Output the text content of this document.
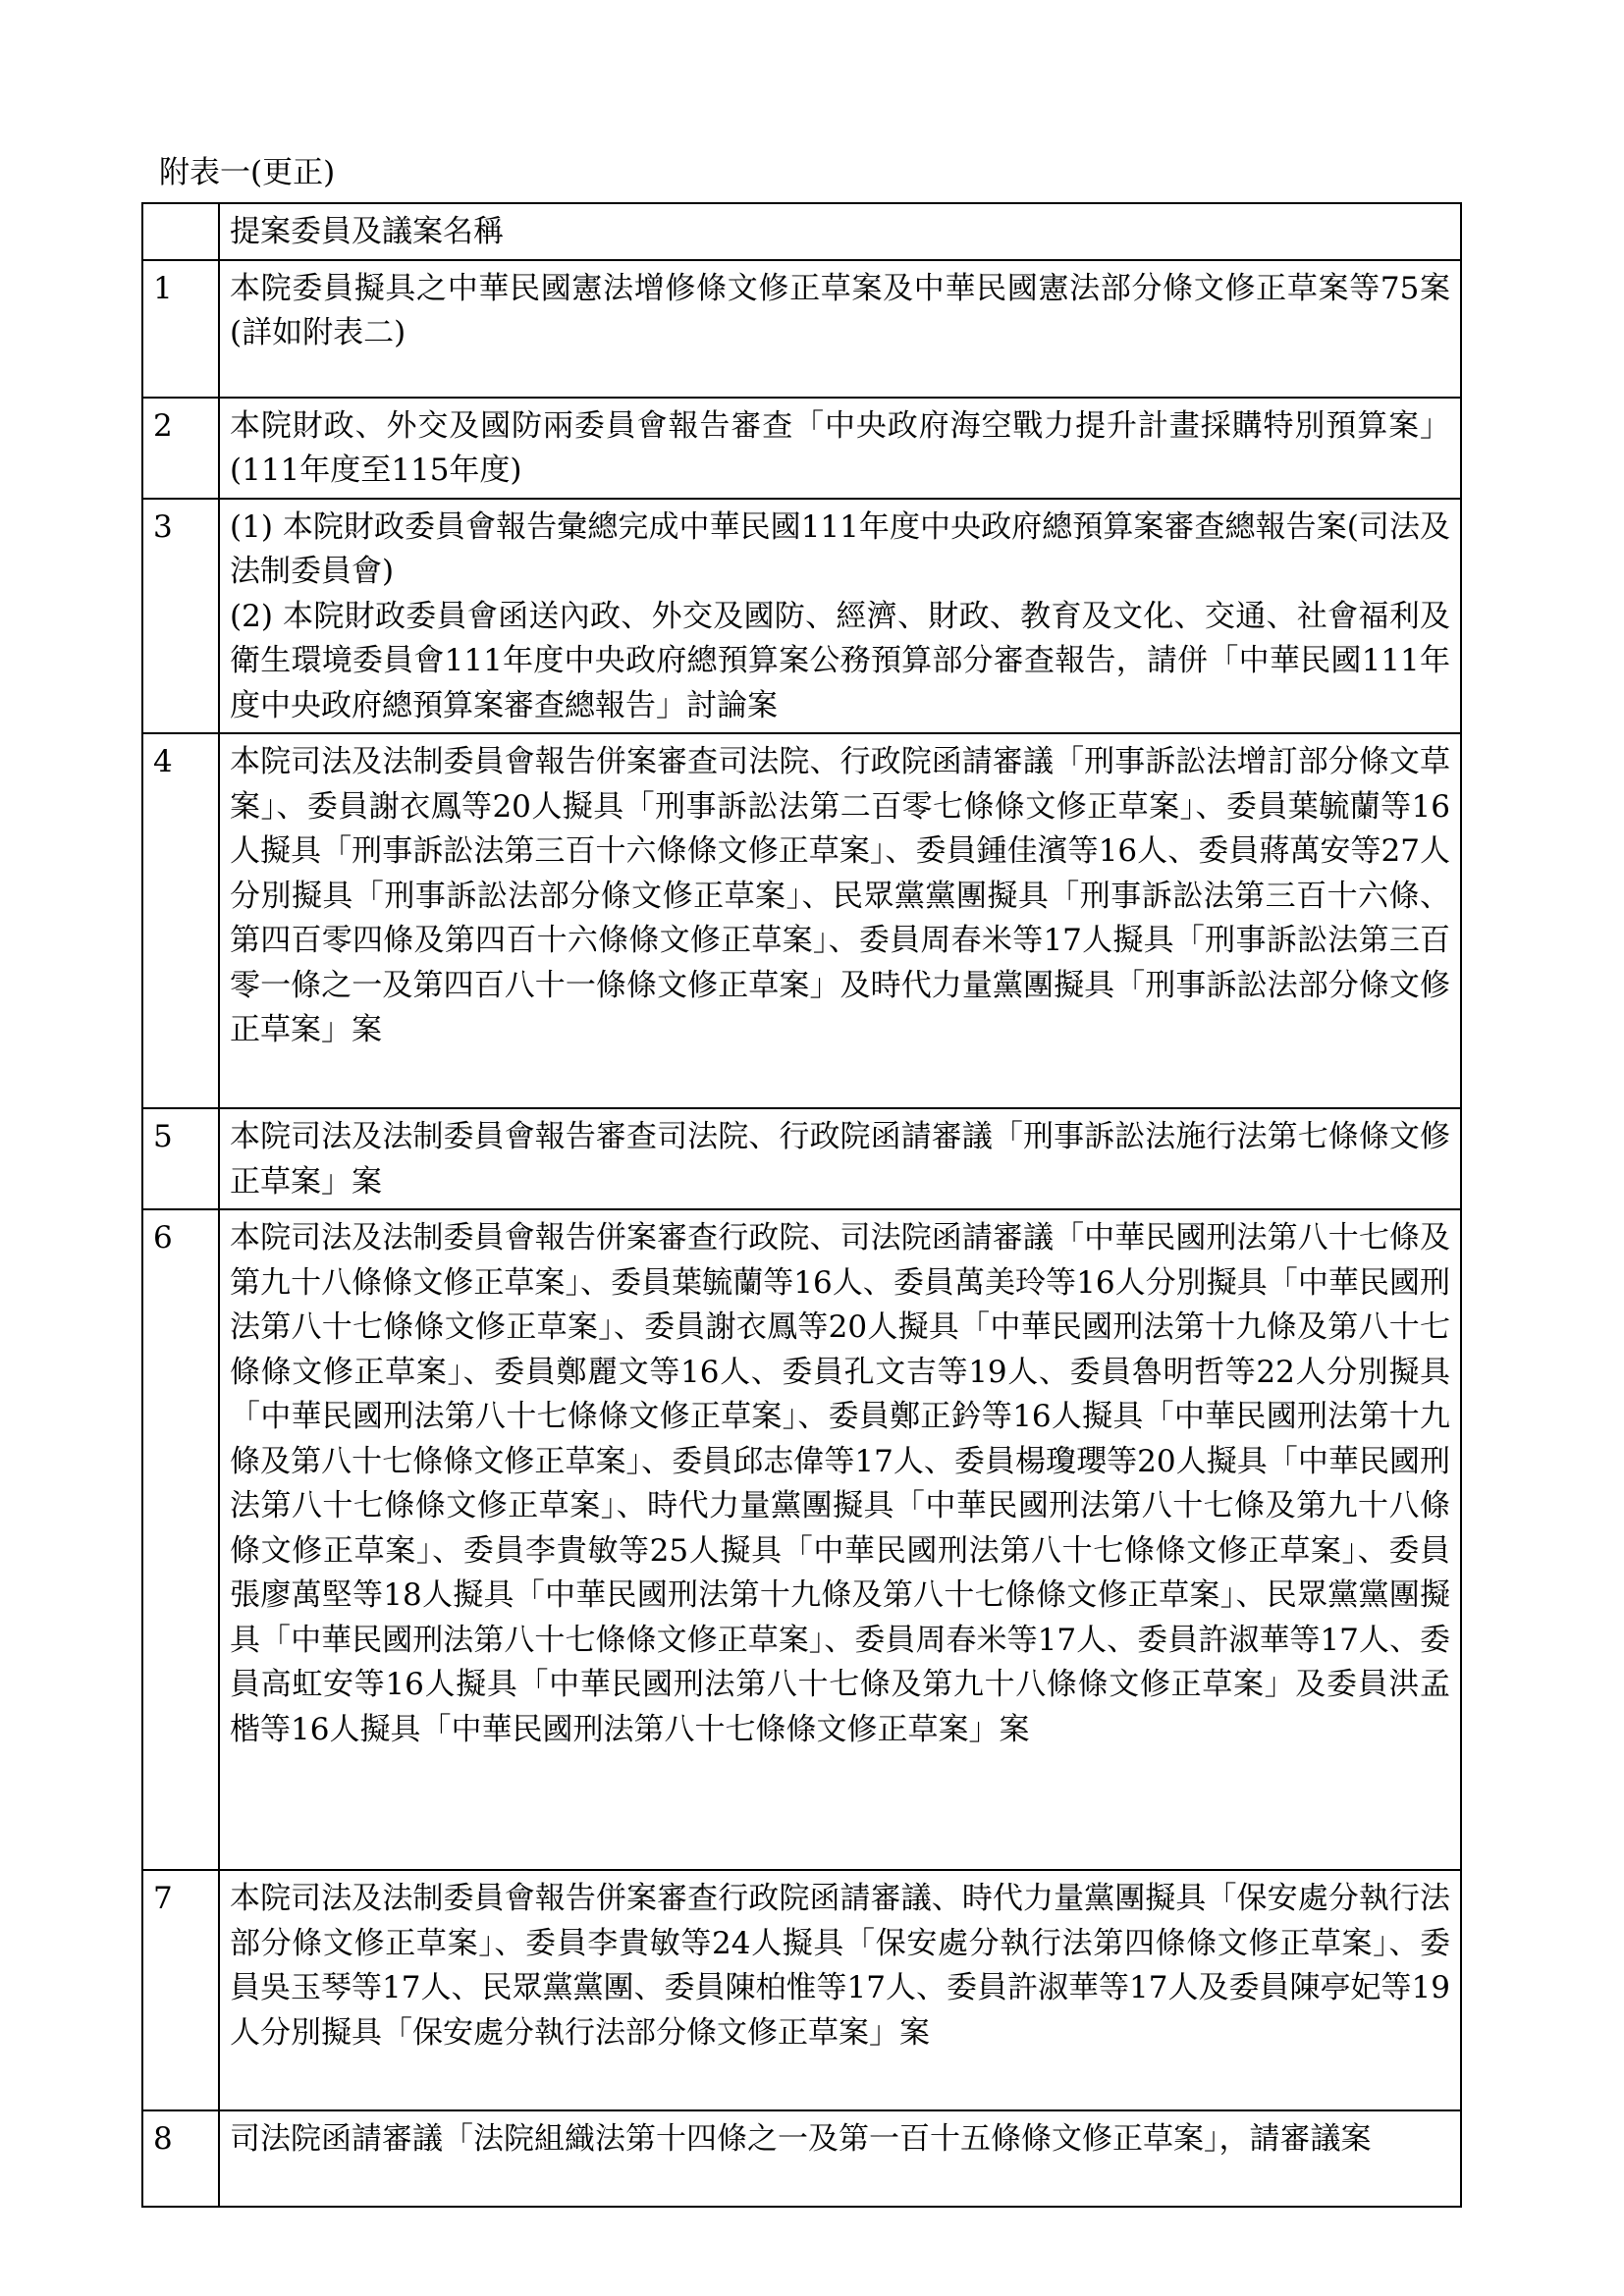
附表一(更正)
	提案委員及議案名稱
1	本院委員擬具之中華民國憲法增修條文修正草案及中華民國憲法部分條文修正草案等75案(詳如附表二)

2	本院財政、外交及國防兩委員會報告審查「中央政府海空戰力提升計畫採購特別預算案」(111年度至115年度)

3	(1) 本院財政委員會報告彙總完成中華民國111年度中央政府總預算案審查總報告案(司法及法制委員會)
(2) 本院財政委員會函送內政、外交及國防、經濟、財政、教育及文化、交通、社會福利及衛生環境委員會111年度中央政府總預算案公務預算部分審查報告，請併「中華民國111年度中央政府總預算案審查總報告」討論案

4	本院司法及法制委員會報告併案審查司法院、行政院函請審議「刑事訴訟法增訂部分條文草案」、委員謝衣鳳等20人擬具「刑事訴訟法第二百零七條條文修正草案」、委員葉毓蘭等16人擬具「刑事訴訟法第三百十六條條文修正草案」、委員鍾佳濱等16人、委員蔣萬安等27人分別擬具「刑事訴訟法部分條文修正草案」、民眾黨黨團擬具「刑事訴訟法第三百十六條、第四百零四條及第四百十六條條文修正草案」、委員周春米等17人擬具「刑事訴訟法第三百零一條之一及第四百八十一條條文修正草案」及時代力量黨團擬具「刑事訴訟法部分條文修正草案」案

5	本院司法及法制委員會報告審查司法院、行政院函請審議「刑事訴訟法施行法第七條條文修正草案」案

6	本院司法及法制委員會報告併案審查行政院、司法院函請審議「中華民國刑法第八十七條及第九十八條條文修正草案」、委員葉毓蘭等16人、委員萬美玲等16人分別擬具「中華民國刑法第八十七條條文修正草案」、委員謝衣鳳等20人擬具「中華民國刑法第十九條及第八十七條條文修正草案」、委員鄭麗文等16人、委員孔文吉等19人、委員魯明哲等22人分別擬具「中華民國刑法第八十七條條文修正草案」、委員鄭正鈐等16人擬具「中華民國刑法第十九條及第八十七條條文修正草案」、委員邱志偉等17人、委員楊瓊瓔等20人擬具「中華民國刑法第八十七條條文修正草案」、時代力量黨團擬具「中華民國刑法第八十七條及第九十八條條文修正草案」、委員李貴敏等25人擬具「中華民國刑法第八十七條條文修正草案」、委員張廖萬堅等18人擬具「中華民國刑法第十九條及第八十七條條文修正草案」、民眾黨黨團擬具「中華民國刑法第八十七條條文修正草案」、委員周春米等17人、委員許淑華等17人、委員高虹安等16人擬具「中華民國刑法第八十七條及第九十八條條文修正草案」及委員洪孟楷等16人擬具「中華民國刑法第八十七條條文修正草案」案

7	本院司法及法制委員會報告併案審查行政院函請審議、時代力量黨團擬具「保安處分執行法部分條文修正草案」、委員李貴敏等24人擬具「保安處分執行法第四條條文修正草案」、委員吳玉琴等17人、民眾黨黨團、委員陳柏惟等17人、委員許淑華等17人及委員陳亭妃等19人分別擬具「保安處分執行法部分條文修正草案」案

8	司法院函請審議「法院組織法第十四條之一及第一百十五條條文修正草案」，請審議案
